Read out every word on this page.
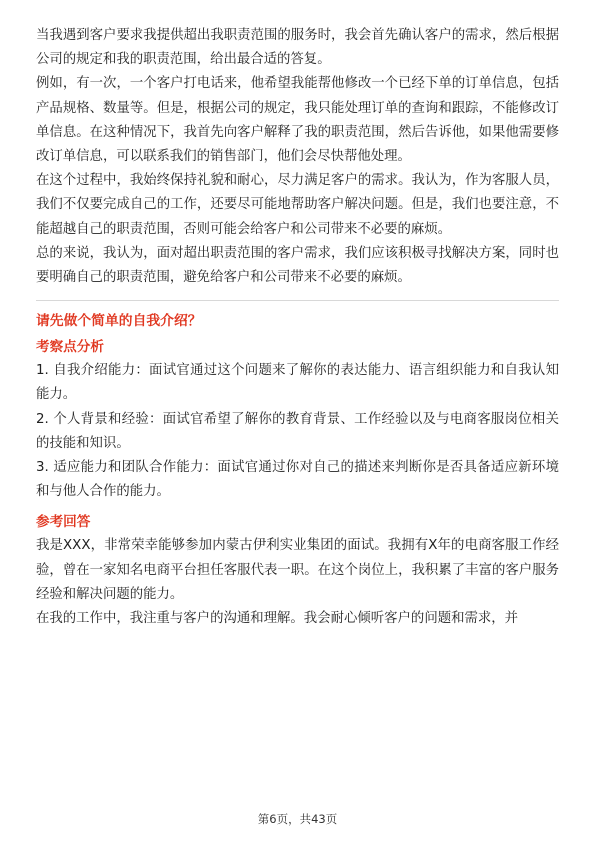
当我遇到客户要求我提供超出我职责范围的服务时，我会首先确认客户的需求，然后根据公司的规定和我的职责范围，给出最合适的答复。

例如，有一次，一个客户打电话来，他希望我能帮他修改一个已经下单的订单信息，包括产品规格、数量等。但是，根据公司的规定，我只能处理订单的查询和跟踪，不能修改订单信息。在这种情况下，我首先向客户解释了我的职责范围，然后告诉他，如果他需要修改订单信息，可以联系我们的销售部门，他们会尽快帮他处理。

在这个过程中，我始终保持礼貌和耐心，尽力满足客户的需求。我认为，作为客服人员，我们不仅要完成自己的工作，还要尽可能地帮助客户解决问题。但是，我们也要注意，不能超越自己的职责范围，否则可能会给客户和公司带来不必要的麻烦。

总的来说，我认为，面对超出职责范围的客户需求，我们应该积极寻找解决方案，同时也要明确自己的职责范围，避免给客户和公司带来不必要的麻烦。

请先做个简单的自我介绍？
考察点分析

1. 自我介绍能力：面试官通过这个问题来了解你的表达能力、语言组织能力和自我认知能力。

2. 个人背景和经验：面试官希望了解你的教育背景、工作经验以及与电商客服岗位相关的技能和知识。

3. 适应能力和团队合作能力：面试官通过你对自己的描述来判断你是否具备适应新环境和与他人合作的能力。

参考回答

我是XXX，非常荣幸能够参加内蒙古伊利实业集团的面试。我拥有X年的电商客服工作经验，曾在一家知名电商平台担任客服代表一职。在这个岗位上，我积累了丰富的客户服务经验和解决问题的能力。

在我的工作中，我注重与客户的沟通和理解。我会耐心倾听客户的问题和需求，并

第6页，共43页
